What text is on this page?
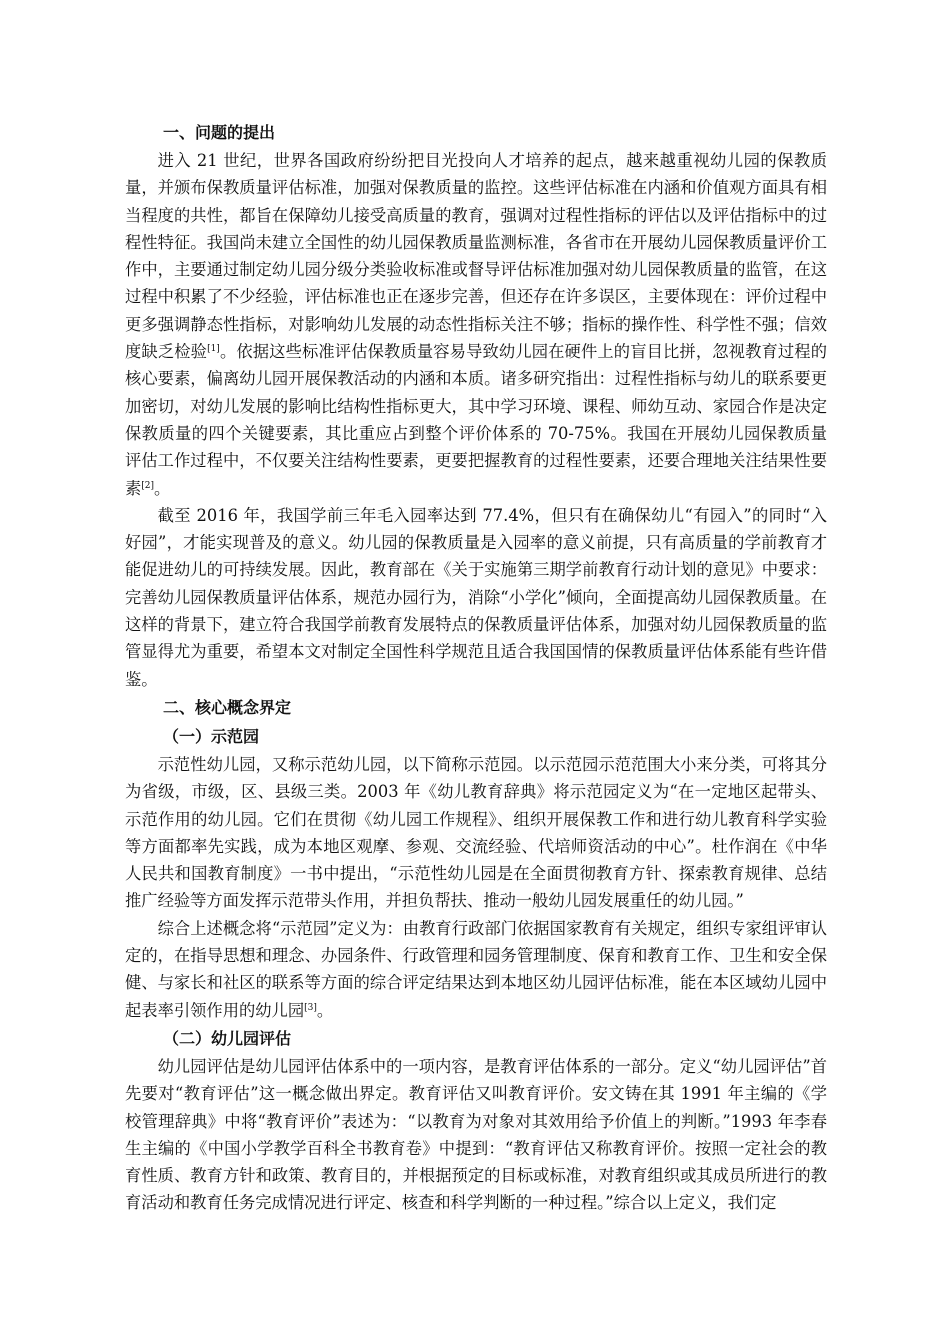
一、问题的提出

进入 21 世纪，世界各国政府纷纷把目光投向人才培养的起点，越来越重视幼儿园的保教质量，并颁布保教质量评估标准，加强对保教质量的监控。这些评估标准在内涵和价值观方面具有相当程度的共性，都旨在保障幼儿接受高质量的教育，强调对过程性指标的评估以及评估指标中的过程性特征。我国尚未建立全国性的幼儿园保教质量监测标准，各省市在开展幼儿园保教质量评价工作中，主要通过制定幼儿园分级分类验收标准或督导评估标准加强对幼儿园保教质量的监管，在这过程中积累了不少经验，评估标准也正在逐步完善，但还存在许多误区，主要体现在：评价过程中更多强调静态性指标，对影响幼儿发展的动态性指标关注不够；指标的操作性、科学性不强；信效度缺乏检验[1]。依据这些标准评估保教质量容易导致幼儿园在硬件上的盲目比拼，忽视教育过程的核心要素，偏离幼儿园开展保教活动的内涵和本质。诸多研究指出：过程性指标与幼儿的联系要更加密切，对幼儿发展的影响比结构性指标更大，其中学习环境、课程、师幼互动、家园合作是决定保教质量的四个关键要素，其比重应占到整个评价体系的 70-75%。我国在开展幼儿园保教质量评估工作过程中，不仅要关注结构性要素，更要把握教育的过程性要素，还要合理地关注结果性要素[2]。

截至 2016 年，我国学前三年毛入园率达到 77.4%，但只有在确保幼儿“有园入”的同时“入好园”，才能实现普及的意义。幼儿园的保教质量是入园率的意义前提，只有高质量的学前教育才能促进幼儿的可持续发展。因此，教育部在《关于实施第三期学前教育行动计划的意见》中要求：完善幼儿园保教质量评估体系，规范办园行为，消除“小学化”倾向，全面提高幼儿园保教质量。在这样的背景下，建立符合我国学前教育发展特点的保教质量评估体系，加强对幼儿园保教质量的监管显得尤为重要，希望本文对制定全国性科学规范且适合我国国情的保教质量评估体系能有些许借鉴。

二、核心概念界定
（一）示范园

示范性幼儿园，又称示范幼儿园，以下简称示范园。以示范园示范范围大小来分类，可将其分为省级，市级，区、县级三类。2003 年《幼儿教育辞典》将示范园定义为“在一定地区起带头、示范作用的幼儿园。它们在贯彻《幼儿园工作规程》、组织开展保教工作和进行幼儿教育科学实验等方面都率先实践，成为本地区观摩、参观、交流经验、代培师资活动的中心”。杜作润在《中华人民共和国教育制度》一书中提出，“示范性幼儿园是在全面贯彻教育方针、探索教育规律、总结推广经验等方面发挥示范带头作用，并担负帮扶、推动一般幼儿园发展重任的幼儿园。”

综合上述概念将“示范园”定义为：由教育行政部门依据国家教育有关规定，组织专家组评审认定的，在指导思想和理念、办园条件、行政管理和园务管理制度、保育和教育工作、卫生和安全保健、与家长和社区的联系等方面的综合评定结果达到本地区幼儿园评估标准，能在本区域幼儿园中起表率引领作用的幼儿园[3]。

（二）幼儿园评估

幼儿园评估是幼儿园评估体系中的一项内容，是教育评估体系的一部分。定义“幼儿园评估”首先要对“教育评估”这一概念做出界定。教育评估又叫教育评价。安文铸在其 1991 年主编的《学校管理辞典》中将“教育评价”表述为：“以教育为对象对其效用给予价值上的判断。”1993 年李春生主编的《中国小学教学百科全书教育卷》中提到：“教育评估又称教育评价。按照一定社会的教育性质、教育方针和政策、教育目的，并根据预定的目标或标准，对教育组织或其成员所进行的教育活动和教育任务完成情况进行评定、核查和科学判断的一种过程。”综合以上定义，我们定
